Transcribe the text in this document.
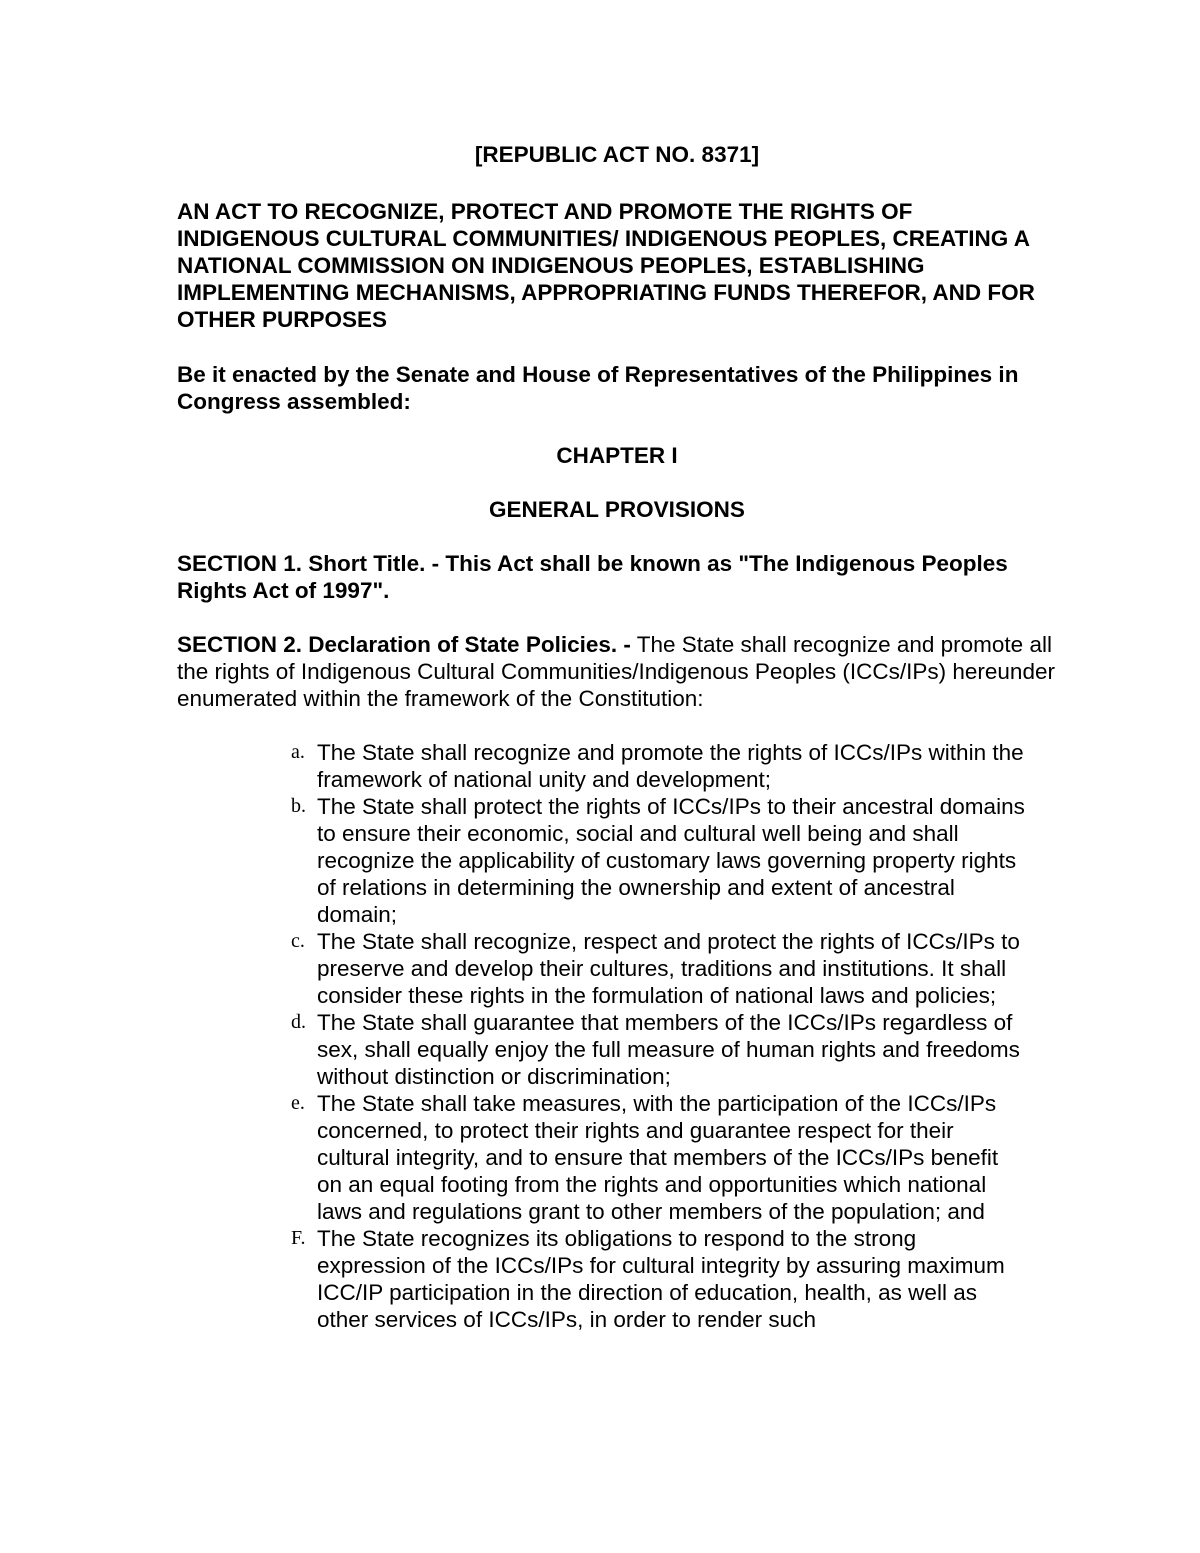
[REPUBLIC ACT NO. 8371]

AN ACT TO RECOGNIZE, PROTECT AND PROMOTE THE RIGHTS OF INDIGENOUS CULTURAL COMMUNITIES/ INDIGENOUS PEOPLES, CREATING A NATIONAL COMMISSION ON INDIGENOUS PEOPLES, ESTABLISHING IMPLEMENTING MECHANISMS, APPROPRIATING FUNDS THEREFOR, AND FOR OTHER PURPOSES

Be it enacted by the Senate and House of Representatives of the Philippines in Congress assembled:

CHAPTER I

GENERAL PROVISIONS

SECTION 1. Short Title. - This Act shall be known as "The Indigenous Peoples Rights Act of 1997".

SECTION 2. Declaration of State Policies. - The State shall recognize and promote all the rights of Indigenous Cultural Communities/Indigenous Peoples (ICCs/IPs) hereunder enumerated within the framework of the Constitution:

a. The State shall recognize and promote the rights of ICCs/IPs within the framework of national unity and development;
b. The State shall protect the rights of ICCs/IPs to their ancestral domains to ensure their economic, social and cultural well being and shall recognize the applicability of customary laws governing property rights of relations in determining the ownership and extent of ancestral domain;
c. The State shall recognize, respect and protect the rights of ICCs/IPs to preserve and develop their cultures, traditions and institutions. It shall consider these rights in the formulation of national laws and policies;
d. The State shall guarantee that members of the ICCs/IPs regardless of sex, shall equally enjoy the full measure of human rights and freedoms without distinction or discrimination;
e. The State shall take measures, with the participation of the ICCs/IPs concerned, to protect their rights and guarantee respect for their cultural integrity, and to ensure that members of the ICCs/IPs benefit on an equal footing from the rights and opportunities which national laws and regulations grant to other members of the population; and
F. The State recognizes its obligations to respond to the strong expression of the ICCs/IPs for cultural integrity by assuring maximum ICC/IP participation in the direction of education, health, as well as other services of ICCs/IPs, in order to render such
